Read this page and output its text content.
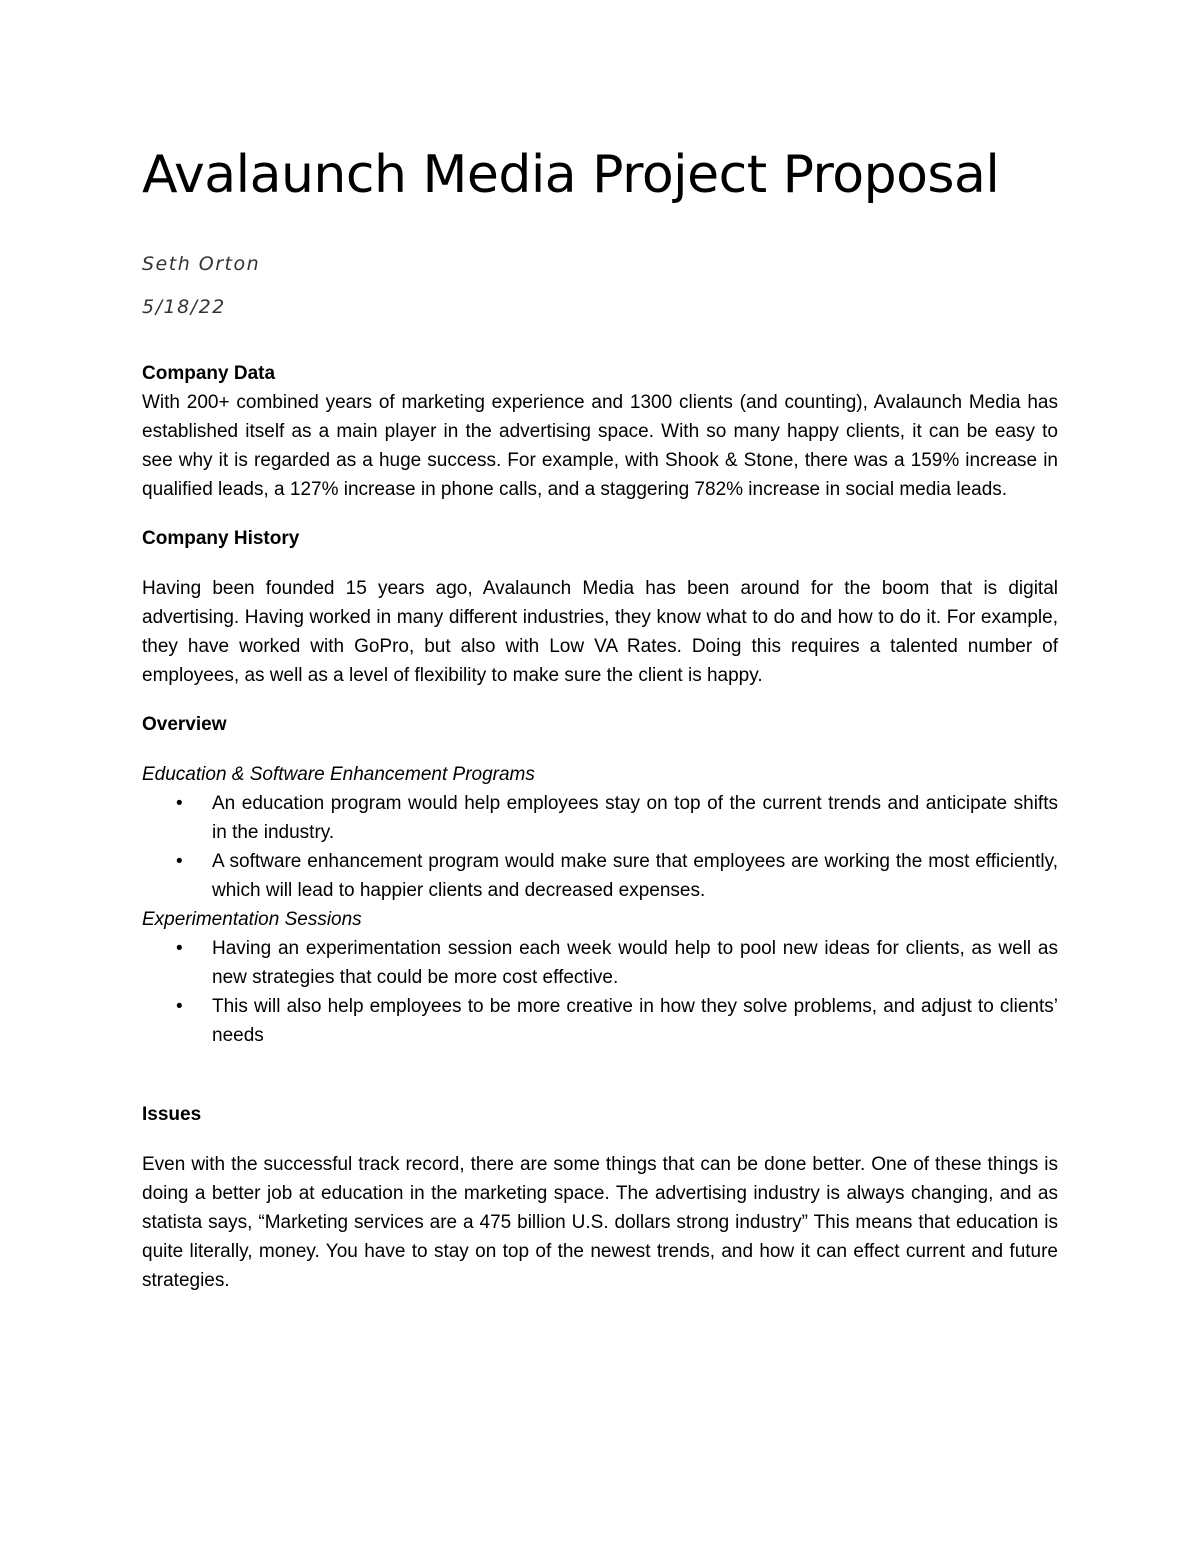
Avalaunch Media Project Proposal
Seth Orton
5/18/22
Company Data

With 200+ combined years of marketing experience and 1300 clients (and counting), Avalaunch Media has established itself as a main player in the advertising space. With so many happy clients, it can be easy to see why it is regarded as a huge success. For example, with Shook & Stone, there was a 159% increase in qualified leads, a 127% increase in phone calls, and a staggering 782% increase in social media leads.

Company History

Having been founded 15 years ago, Avalaunch Media has been around for the boom that is digital advertising. Having worked in many different industries, they know what to do and how to do it. For example, they have worked with GoPro, but also with Low VA Rates. Doing this requires a talented number of employees, as well as a level of flexibility to make sure the client is happy.

Overview
Education & Software Enhancement Programs
• An education program would help employees stay on top of the current trends and anticipate shifts in the industry.
• A software enhancement program would make sure that employees are working the most efficiently, which will lead to happier clients and decreased expenses.
Experimentation Sessions
• Having an experimentation session each week would help to pool new ideas for clients, as well as new strategies that could be more cost effective.
• This will also help employees to be more creative in how they solve problems, and adjust to clients’ needs
Issues

Even with the successful track record, there are some things that can be done better. One of these things is doing a better job at education in the marketing space. The advertising industry is always changing, and as statista says, “Marketing services are a 475 billion U.S. dollars strong industry” This means that education is quite literally, money. You have to stay on top of the newest trends, and how it can effect current and future strategies.
